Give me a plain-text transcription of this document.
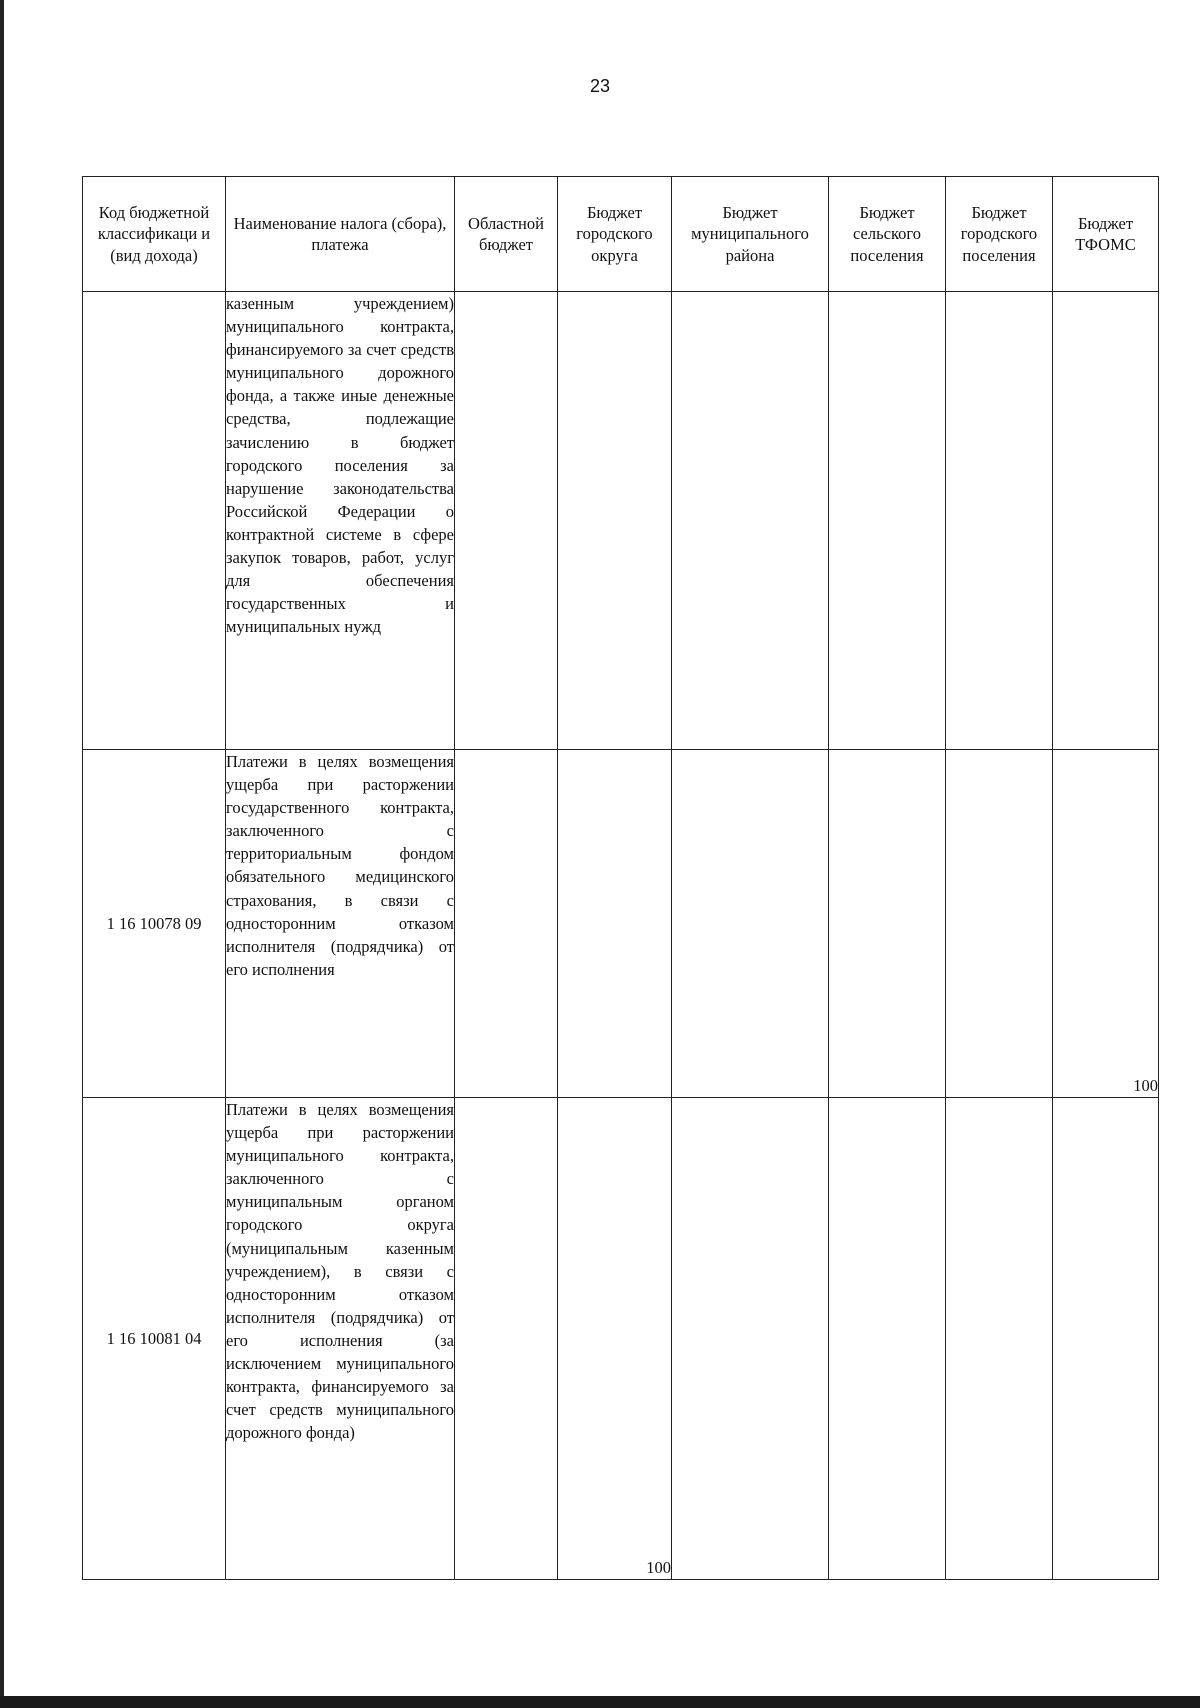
23
Код бюджетной классификаци и (вид дохода)	Наименование налога (сбора), платежа	Областной бюджет	Бюджет городского округа	Бюджет муниципального района	Бюджет сельского поселения	Бюджет городского поселения	Бюджет ТФОМС

	казенным учреждением) муниципального контракта, финансируемого за счет средств муниципального дорожного фонда, а также иные денежные средства, подлежащие зачислению в бюджет городского поселения за нарушение законодательства Российской Федерации о контрактной системе в сфере закупок товаров, работ, услуг для обеспечения государственных и муниципальных нужд						

1 16 10078 09	Платежи в целях возмещения ущерба при расторжении государственного контракта, заключенного с территориальным фондом обязательного медицинского страхования, в связи с односторонним отказом исполнителя (подрядчика) от его исполнения						100
1 16 10081 04	Платежи в целях возмещения ущерба при расторжении муниципального контракта, заключенного с муниципальным органом городского округа (муниципальным казенным учреждением), в связи с односторонним отказом исполнителя (подрядчика) от его исполнения (за исключением муниципального контракта, финансируемого за счет средств муниципального дорожного фонда)		100				
